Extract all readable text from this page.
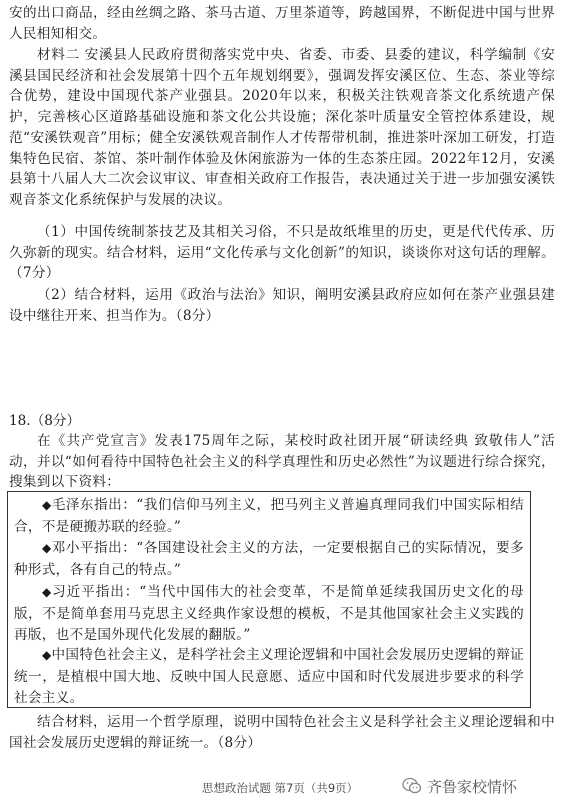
安的出口商品，经由丝绸之路、茶马古道、万里茶道等，跨越国界，不断促进中国与世界人民相知相交。

材料二 安溪县人民政府贯彻落实党中央、省委、市委、县委的建议，科学编制《安溪县国民经济和社会发展第十四个五年规划纲要》，强调发挥安溪区位、生态、茶业等综合优势，建设中国现代茶产业强县。2020年以来，积极关注铁观音茶文化系统遗产保护，完善核心区道路基础设施和茶文化公共设施；深化茶叶质量安全管控体系建设，规范“安溪铁观音”用标；健全安溪铁观音制作人才传帮带机制，推进茶叶深加工研发，打造集特色民宿、茶馆、茶叶制作体验及休闲旅游为一体的生态茶庄园。2022年12月，安溪县第十八届人大二次会议审议、审查相关政府工作报告，表决通过关于进一步加强安溪铁观音茶文化系统保护与发展的决议。

（1）中国传统制茶技艺及其相关习俗，不只是故纸堆里的历史，更是代代传承、历久弥新的现实。结合材料，运用“文化传承与文化创新”的知识，谈谈你对这句话的理解。（7分）

（2）结合材料，运用《政治与法治》知识，阐明安溪县政府应如何在茶产业强县建设中继往开来、担当作为。（8分）

18.（8分）

在《共产党宣言》发表175周年之际，某校时政社团开展“研读经典 致敬伟人”活动，并以“如何看待中国特色社会主义的科学真理性和历史必然性”为议题进行综合探究，搜集到以下资料：

◆毛泽东指出：“我们信仰马列主义，把马列主义普遍真理同我们中国实际相结合，不是硬搬苏联的经验。”

◆邓小平指出：“各国建设社会主义的方法，一定要根据自己的实际情况，要多种形式，各有自己的特点。”

◆习近平指出：“当代中国伟大的社会变革，不是简单延续我国历史文化的母版，不是简单套用马克思主义经典作家设想的模板，不是其他国家社会主义实践的再版，也不是国外现代化发展的翻版。”

◆中国特色社会主义，是科学社会主义理论逻辑和中国社会发展历史逻辑的辩证统一，是植根中国大地、反映中国人民意愿、适应中国和时代发展进步要求的科学社会主义。

结合材料，运用一个哲学原理，说明中国特色社会主义是科学社会主义理论逻辑和中国社会发展历史逻辑的辩证统一。（8分）

思想政治试题 第7页（共9页）	齐鲁家校情怀
